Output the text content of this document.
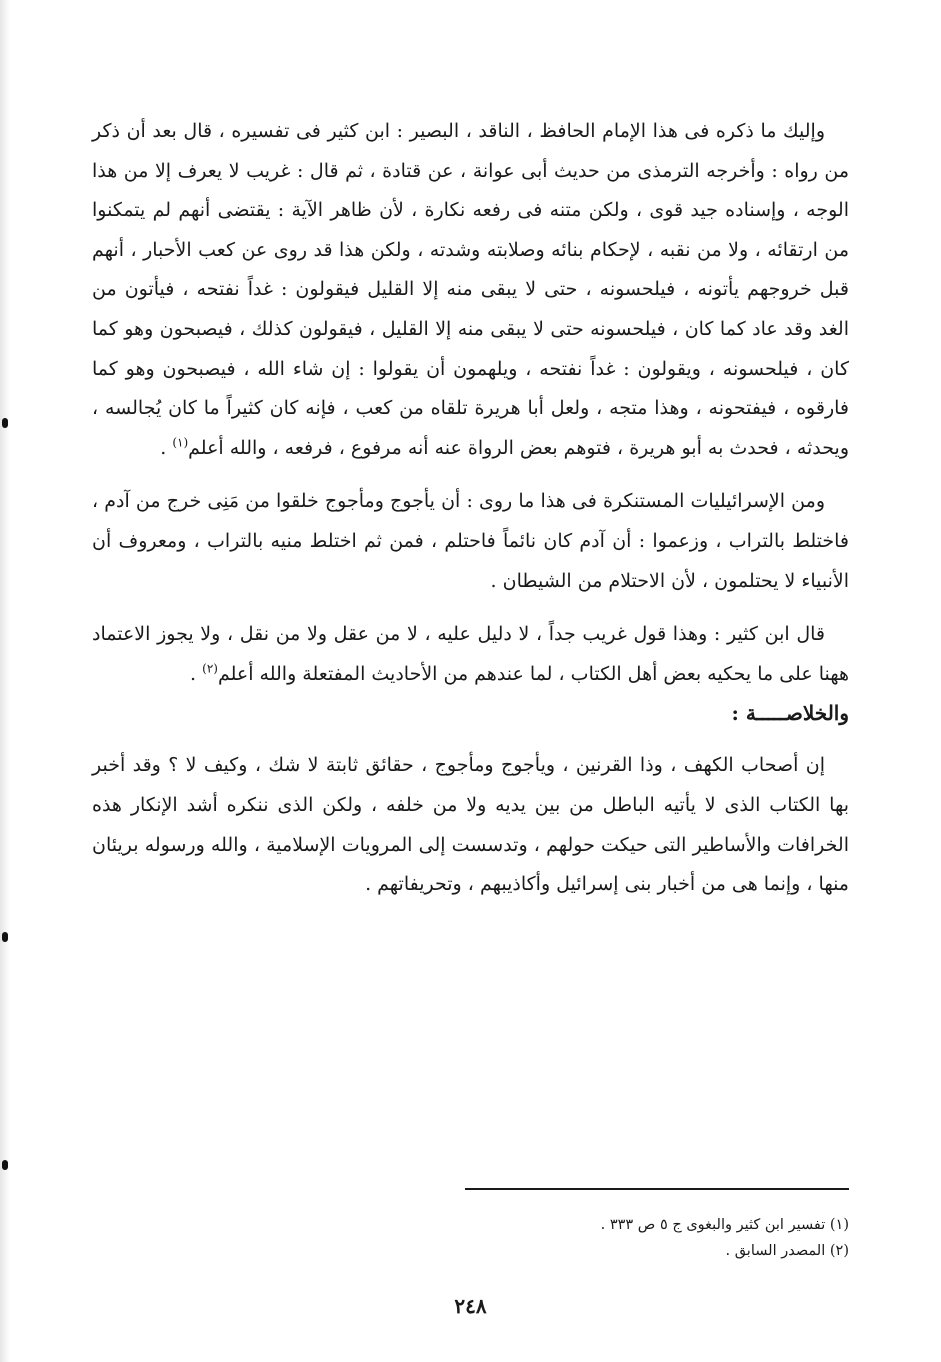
وإليك ما ذكره فى هذا الإمام الحافظ ، الناقد ، البصير : ابن كثير فى تفسيره ، قال بعد أن ذكر من رواه : وأخرجه الترمذى من حديث أبى عوانة ، عن قتادة ، ثم قال : غريب لا يعرف إلا من هذا الوجه ، وإسناده جيد قوى ، ولكن متنه فى رفعه نكارة ، لأن ظاهر الآية : يقتضى أنهم لم يتمكنوا من ارتقائه ، ولا من نقبه ، لإحكام بنائه وصلابته وشدته ، ولكن هذا قد روى عن كعب الأحبار ، أنهم قبل خروجهم يأتونه ، فيلحسونه ، حتى لا يبقى منه إلا القليل فيقولون : غداً نفتحه ، فيأتون من الغد وقد عاد كما كان ، فيلحسونه حتى لا يبقى منه إلا القليل ، فيقولون كذلك ، فيصبحون وهو كما كان ، فيلحسونه ، ويقولون : غداً نفتحه ، ويلهمون أن يقولوا : إن شاء الله ، فيصبحون وهو كما فارقوه ، فيفتحونه ، وهذا متجه ، ولعل أبا هريرة تلقاه من كعب ، فإنه كان كثيراً ما كان يُجالسه ، ويحدثه ، فحدث به أبو هريرة ، فتوهم بعض الرواة عنه أنه مرفوع ، فرفعه ، والله أعلم$^{(١)}$ .

ومن الإسرائيليات المستنكرة فى هذا ما روى : أن يأجوج ومأجوج خلقوا من مَنِى خرج من آدم ، فاختلط بالتراب ، وزعموا : أن آدم كان نائماً فاحتلم ، فمن ثم اختلط منيه بالتراب ، ومعروف أن الأنبياء لا يحتلمون ، لأن الاحتلام من الشيطان .

قال ابن كثير : وهذا قول غريب جداً ، لا دليل عليه ، لا من عقل ولا من نقل ، ولا يجوز الاعتماد ههنا على ما يحكيه بعض أهل الكتاب ، لما عندهم من الأحاديث المفتعلة والله أعلم$^{(٢)}$ .

والخلاصـــــة :

إن أصحاب الكهف ، وذا القرنين ، ويأجوج ومأجوج ، حقائق ثابتة لا شك ، وكيف لا ؟ وقد أخبر بها الكتاب الذى لا يأتيه الباطل من بين يديه ولا من خلفه ، ولكن الذى ننكره أشد الإنكار هذه الخرافات والأساطير التى حيكت حولهم ، وتدسست إلى المرويات الإسلامية ، والله ورسوله بريئان منها ، وإنما هى من أخبار بنى إسرائيل وأكاذيبهم ، وتحريفاتهم .

(١) تفسير ابن كثير والبغوى ج ٥ ص ٣٣٣ .

(٢) المصدر السابق .

٢٤٨
